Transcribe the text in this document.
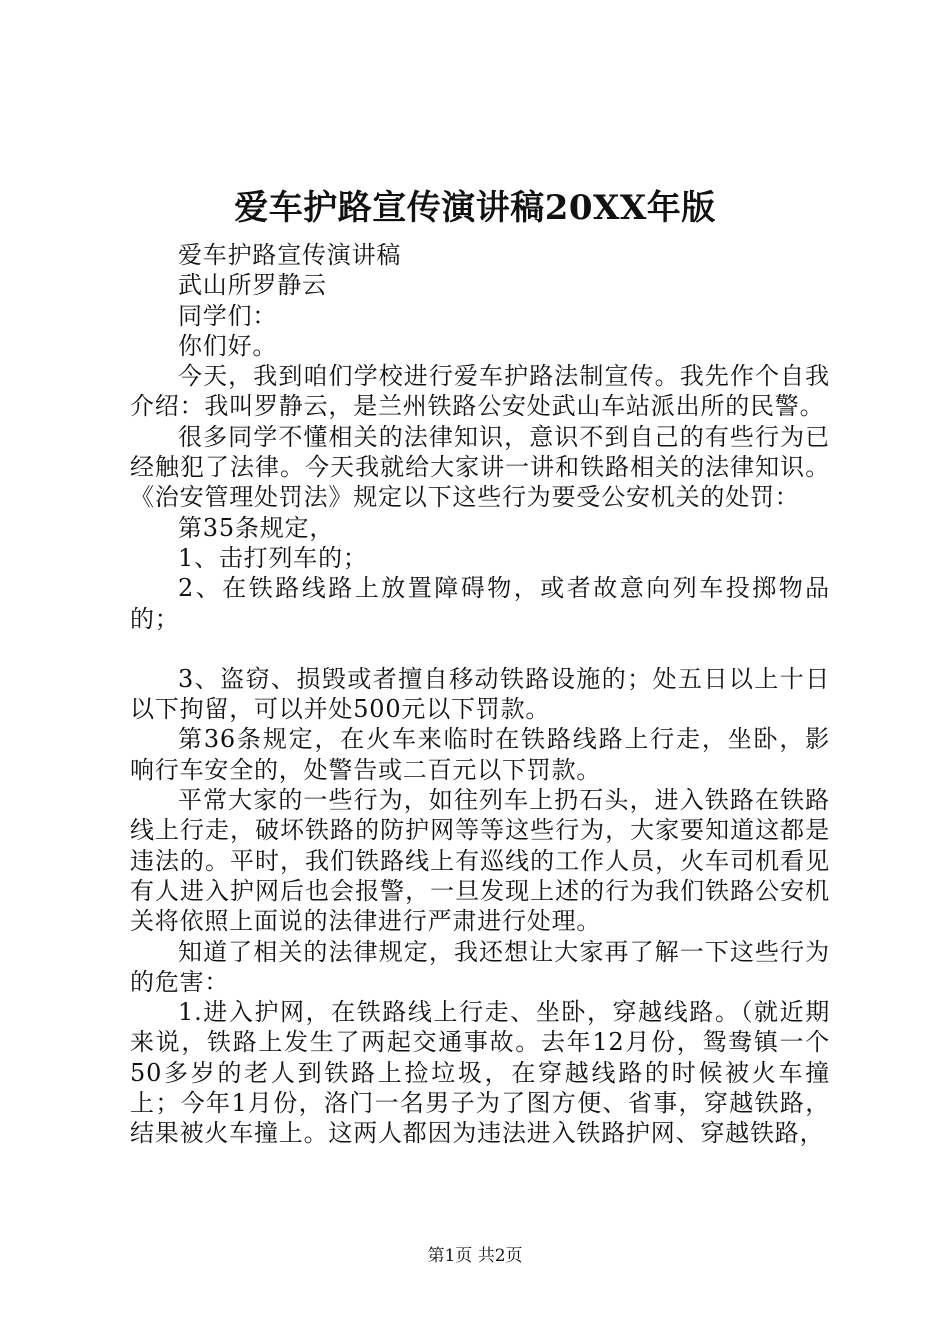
爱车护路宣传演讲稿20XX年版

爱车护路宣传演讲稿

武山所罗静云

同学们：

你们好。

今天，我到咱们学校进行爱车护路法制宣传。我先作个自我介绍：我叫罗静云，是兰州铁路公安处武山车站派出所的民警。

很多同学不懂相关的法律知识，意识不到自己的有些行为已经触犯了法律。今天我就给大家讲一讲和铁路相关的法律知识。《治安管理处罚法》规定以下这些行为要受公安机关的处罚：

第35条规定，

1、击打列车的；

2、在铁路线路上放置障碍物，或者故意向列车投掷物品的；

3、盗窃、损毁或者擅自移动铁路设施的；处五日以上十日以下拘留，可以并处500元以下罚款。

第36条规定，在火车来临时在铁路线路上行走，坐卧，影响行车安全的，处警告或二百元以下罚款。

平常大家的一些行为，如往列车上扔石头，进入铁路在铁路线上行走，破坏铁路的防护网等等这些行为，大家要知道这都是违法的。平时，我们铁路线上有巡线的工作人员，火车司机看见有人进入护网后也会报警，一旦发现上述的行为我们铁路公安机关将依照上面说的法律进行严肃进行处理。

知道了相关的法律规定，我还想让大家再了解一下这些行为的危害：

1.进入护网，在铁路线上行走、坐卧，穿越线路。（就近期来说，铁路上发生了两起交通事故。去年12月份，鸳鸯镇一个50多岁的老人到铁路上捡垃圾，在穿越线路的时候被火车撞上；今年1月份，洛门一名男子为了图方便、省事，穿越铁路，结果被火车撞上。这两人都因为违法进入铁路护网、穿越铁路，

第1页 共2页
